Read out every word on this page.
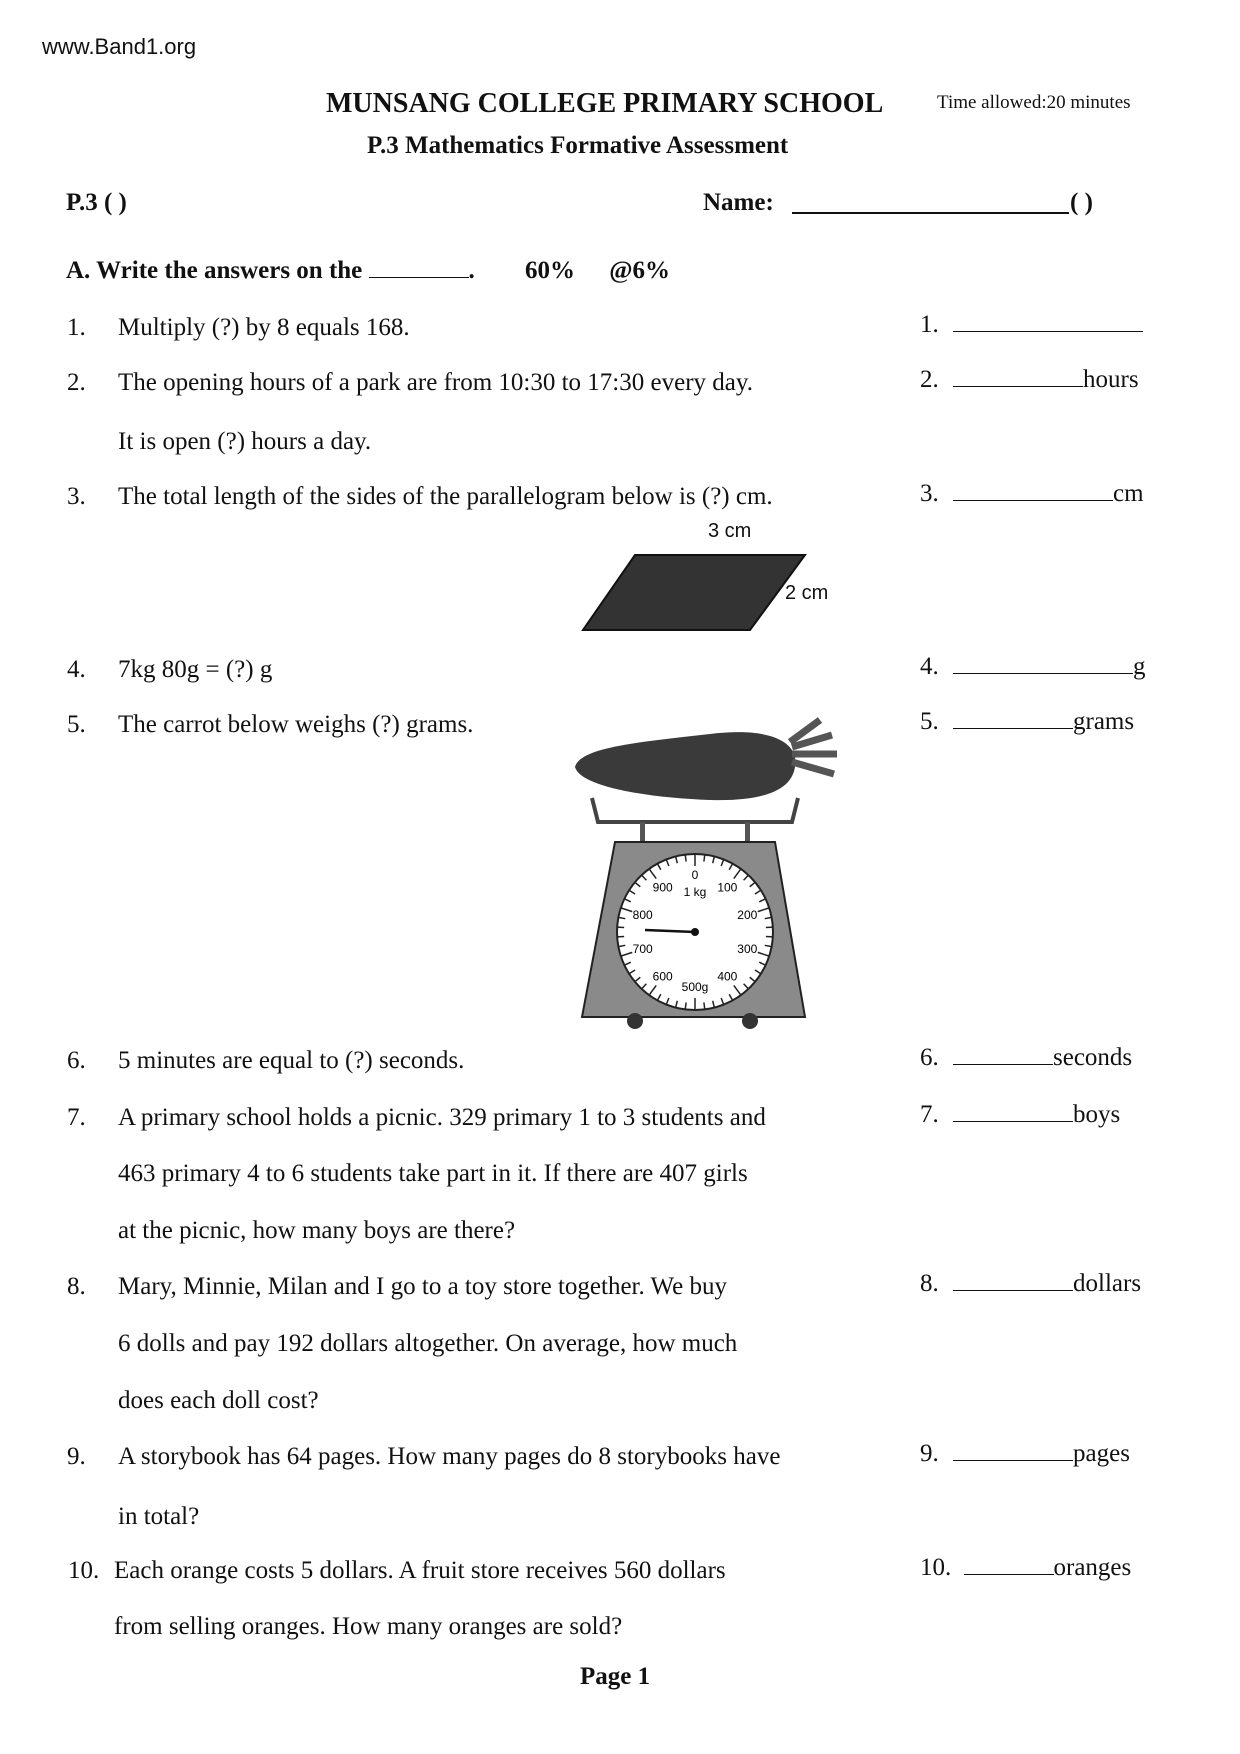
www.Band1.org
MUNSANG COLLEGE PRIMARY SCHOOL	Time allowed:20 minutes
P.3 Mathematics Formative Assessment
P.3 ( )	Name:	( )
A. Write the answers on the	. 60% @6%
1. Multiply (?) by 8 equals 168.	1.
2. The opening hours of a park are from 10:30 to 17:30 every day.
It is open (?) hours a day.
2.	hours
3. The total length of the sides of the parallelogram below is (?) cm.	3.	cm
4. 7kg 80g = (?) g	4.	g
5. The carrot below weighs (?) grams.	5.	grams
6. 5 minutes are equal to (?) seconds.	6.	seconds
7. A primary school holds a picnic. 329 primary 1 to 3 students and
463 primary 4 to 6 students take part in it. If there are 407 girls
at the picnic, how many boys are there?
7.	boys
8. Mary, Minnie, Milan and I go to a toy store together. We buy
6 dolls and pay 192 dollars altogether. On average, how much
does each doll cost?
8.	dollars
9. A storybook has 64 pages. How many pages do 8 storybooks have
in total?
9.	pages
10. Each orange costs 5 dollars. A fruit store receives 560 dollars
from selling oranges. How many oranges are sold?
10.	oranges
3 cm
2 cm
0
100
200
300
400
500g
600
700
800
900 1 kg
Page 1
